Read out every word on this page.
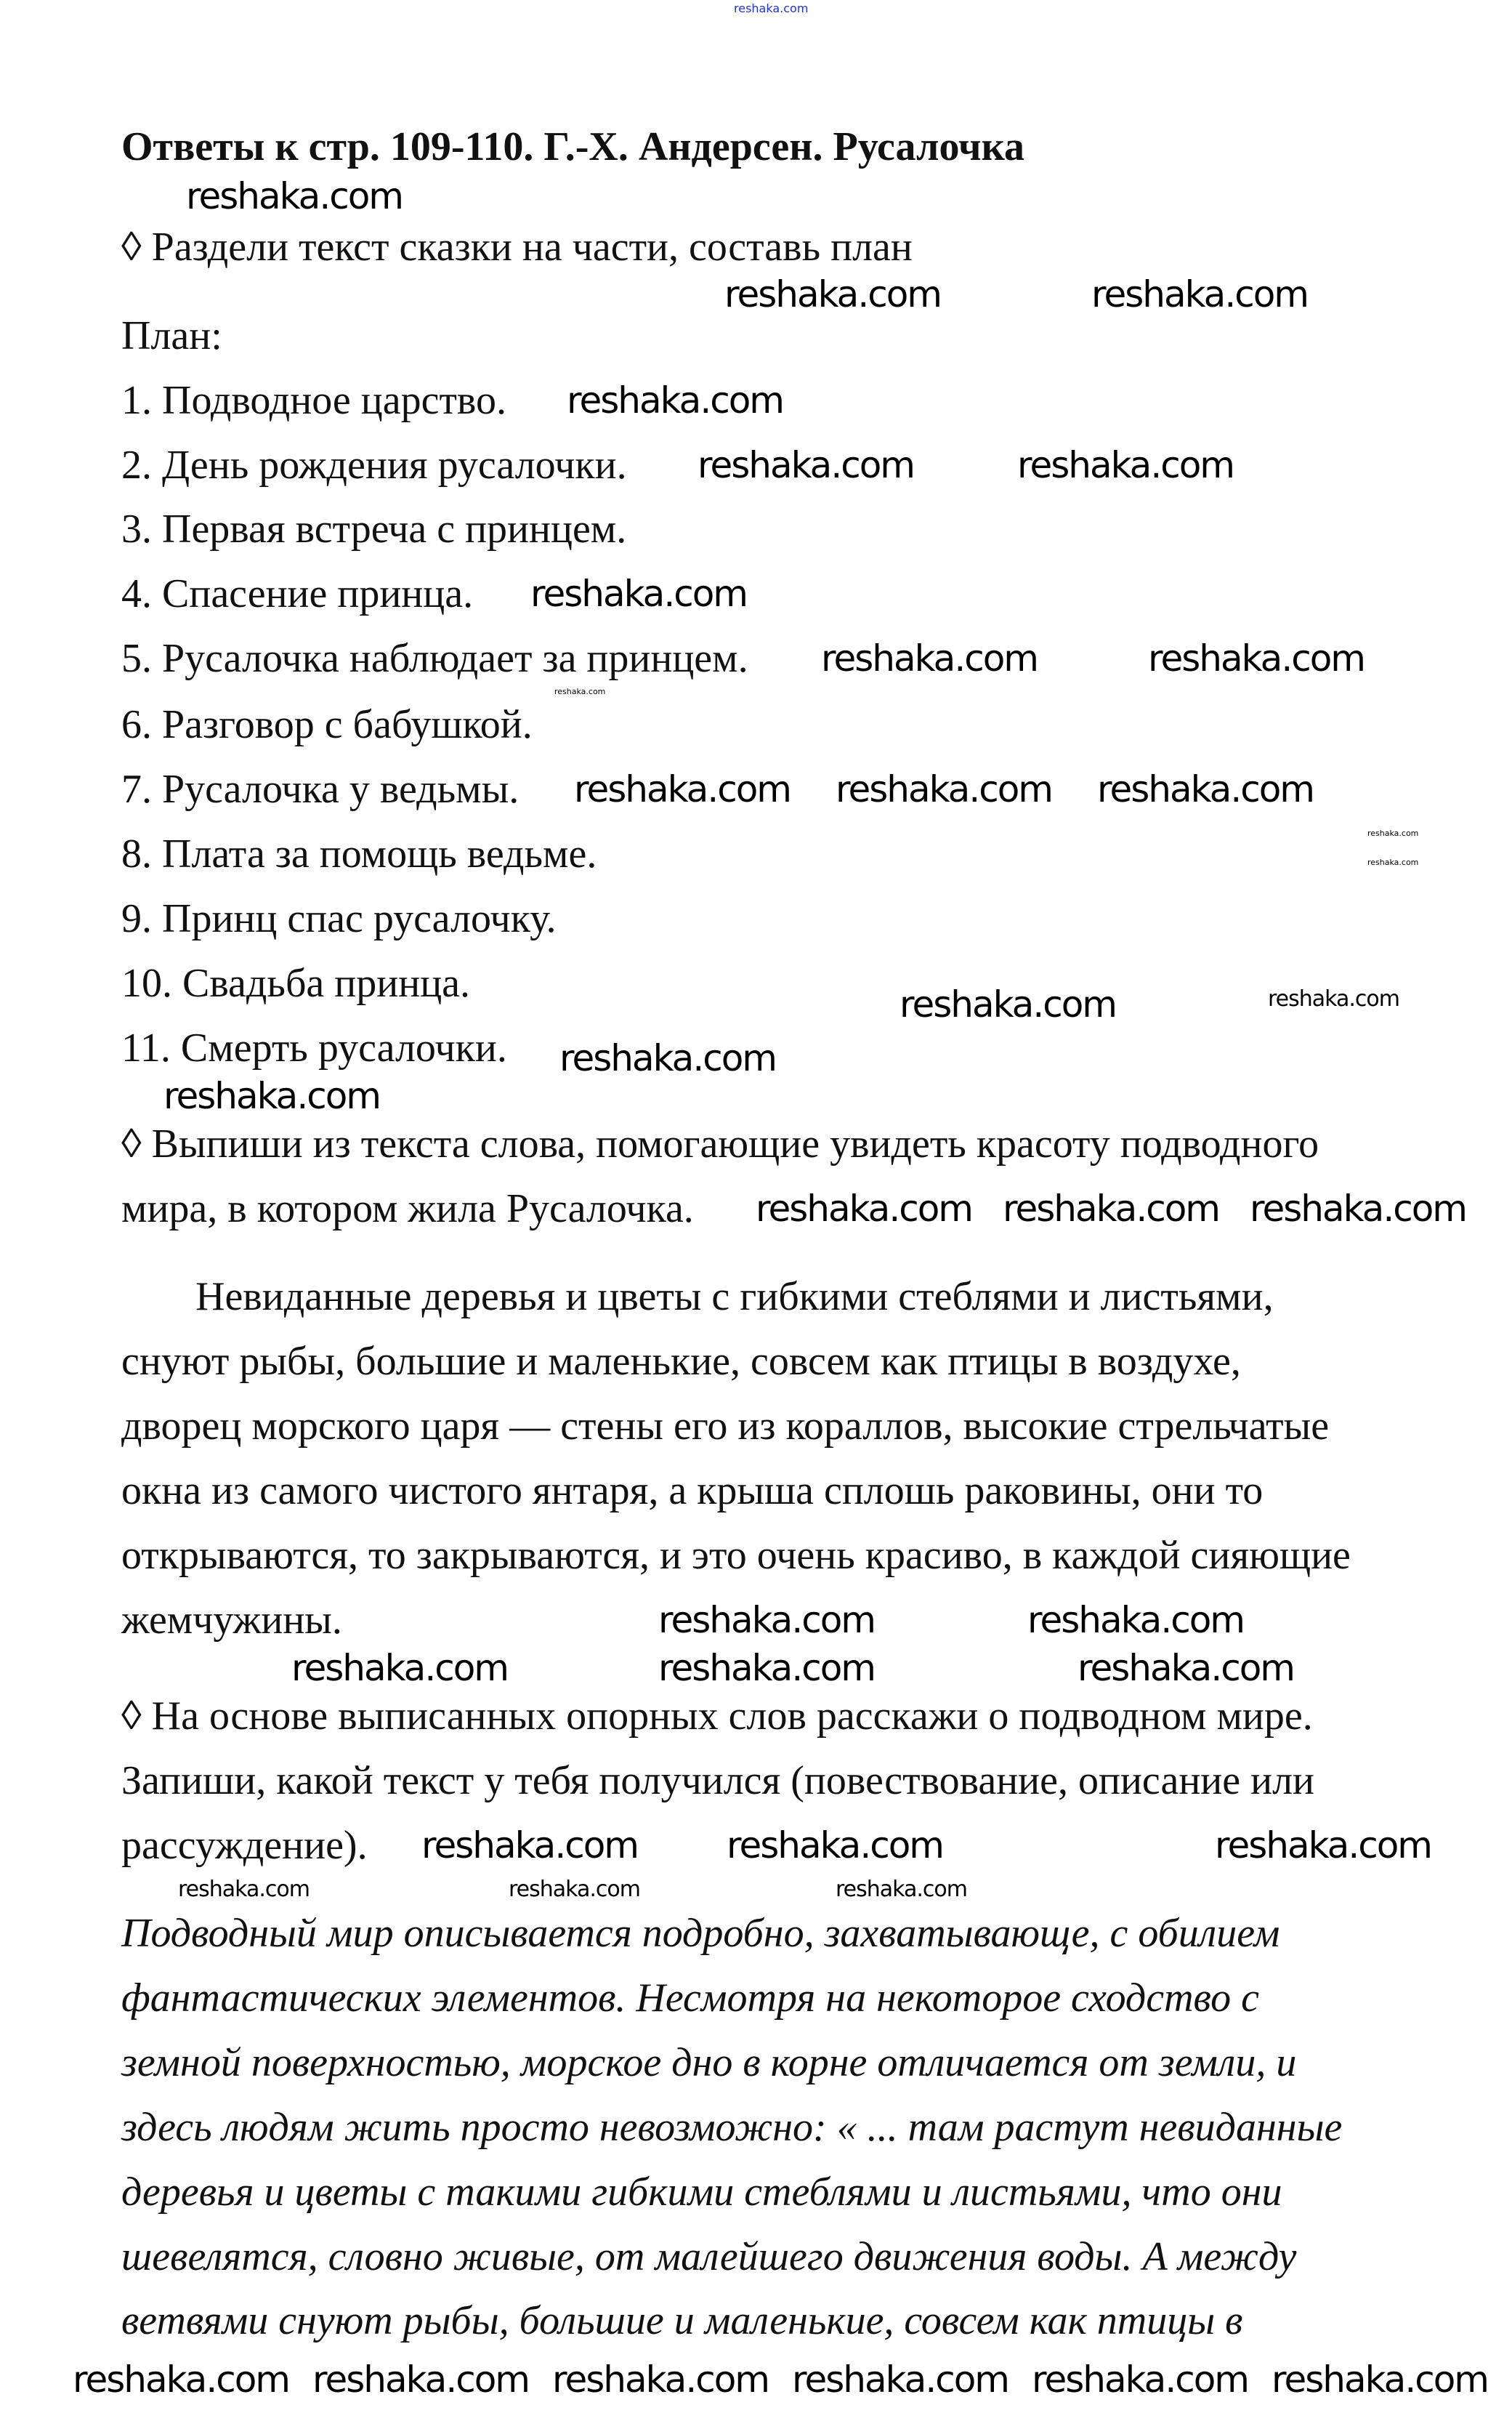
reshaka.com
Ответы к стр. 109-110. Г.-Х. Андерсен. Русалочка
◊ Раздели текст сказки на части, составь план
План:
1. Подводное царство.
2. День рождения русалочки.
3. Первая встреча с принцем.
4. Спасение принца.
5. Русалочка наблюдает за принцем.
6. Разговор с бабушкой.
7. Русалочка у ведьмы.
8. Плата за помощь ведьме.
9. Принц спас русалочку.
10. Свадьба принца.
11. Смерть русалочки.
◊ Выпиши из текста слова, помогающие увидеть красоту подводного
мира, в котором жила Русалочка.
Невиданные деревья и цветы с гибкими стеблями и листьями,
снуют рыбы, большие и маленькие, совсем как птицы в воздухе,
дворец морского царя — стены его из кораллов, высокие стрельчатые
окна из самого чистого янтаря, а крыша сплошь раковины, они то
открываются, то закрываются, и это очень красиво, в каждой сияющие
жемчужины.
◊ На основе выписанных опорных слов расскажи о подводном мире.
Запиши, какой текст у тебя получился (повествование, описание или
рассуждение).
Подводный мир описывается подробно, захватывающе, с обилием
фантастических элементов. Несмотря на некоторое сходство с
земной поверхностью, морское дно в корне отличается от земли, и
здесь людям жить просто невозможно: « ... там растут невиданные
деревья и цветы с такими гибкими стеблями и листьями, что они
шевелятся, словно живые, от малейшего движения воды. А между
ветвями снуют рыбы, большие и маленькие, совсем как птицы в
reshaka.com
reshaka.com	reshaka.com
reshaka.com
reshaka.com	reshaka.com
reshaka.com
reshaka.com	reshaka.com
reshaka.com
reshaka.com reshaka.com reshaka.com
reshaka.com
reshaka.com
reshaka.com	reshaka.com
reshaka.com
reshaka.com
reshaka.com
reshaka.com	reshaka.com
reshaka.com	reshaka.com
reshaka.com	reshaka.com	reshaka.com
reshaka.com reshaka.com	reshaka.com
reshaka.com	reshaka.com	reshaka.com
reshaka.com reshaka.com reshaka.com reshaka.com reshaka.com reshaka.com
